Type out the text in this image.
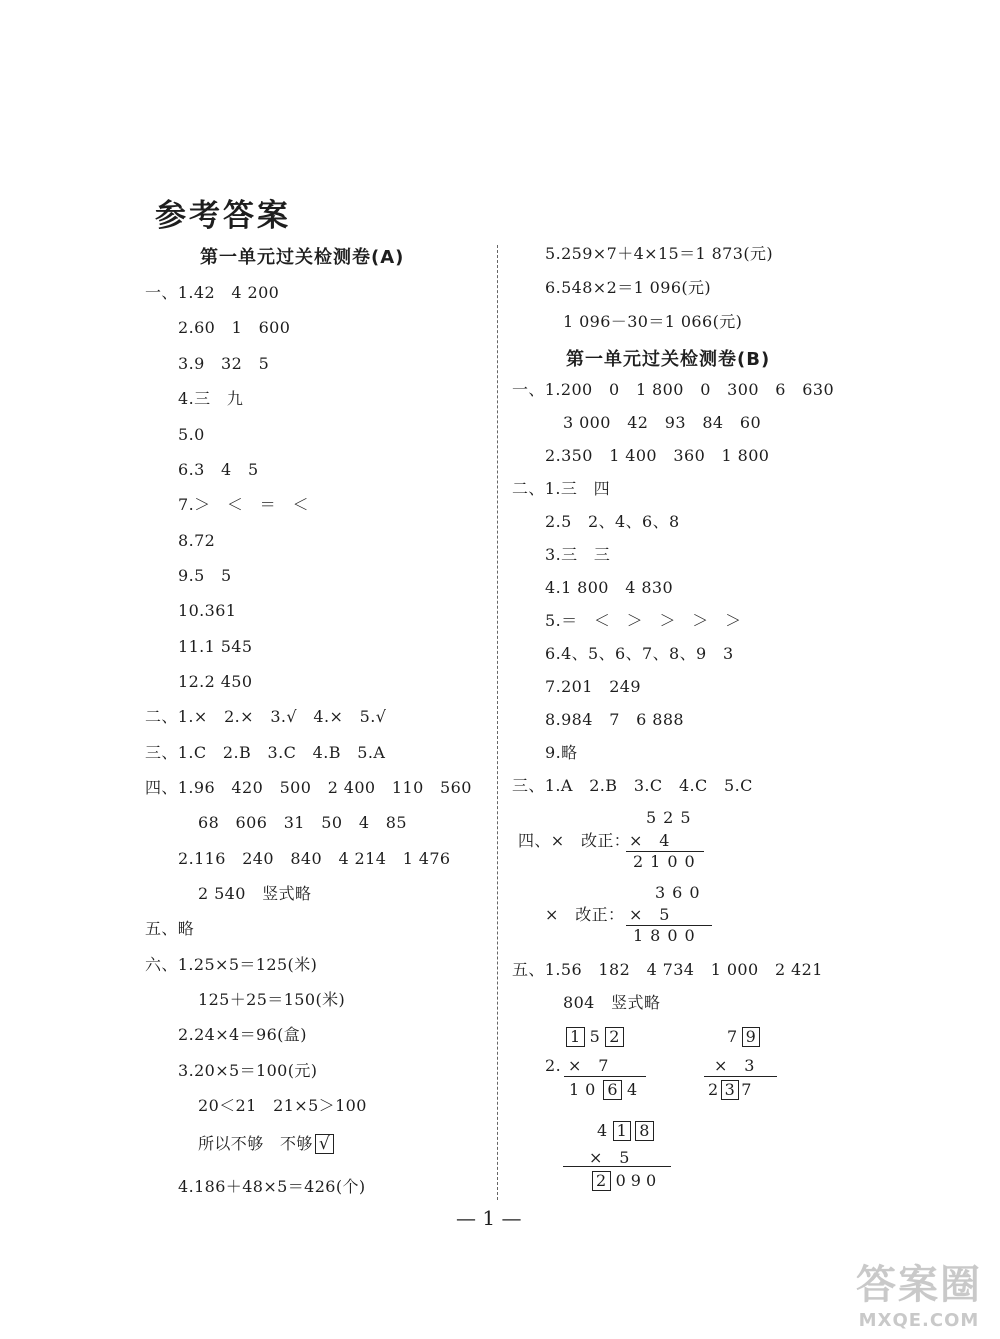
参考答案
第一单元过关检测卷(A)
一、1.42　4 200
2.60　1　600
3.9　32　5
4.三　九
5.0
6.3　4　5
7.＞　＜　＝　＜
8.72
9.5　5
10.361
11.1 545
12.2 450
二、1.×　2.×　3.√　4.×　5.√
三、1.C　2.B　3.C　4.B　5.A
四、1.96　420　500　2 400　110　560
68　606　31　50　4　85
2.116　240　840　4 214　1 476
2 540　竖式略
五、略
六、1.25×5＝125(米)
125＋25＝150(米)
2.24×4＝96(盒)
3.20×5＝100(元)
20＜21　21×5＞100
所以不够　不够 √
4.186＋48×5＝426(个)
5.259×7＋4×15＝1 873(元)
6.548×2＝1 096(元)
1 096－30＝1 066(元)
第一单元过关检测卷(B)
一、1.200　0　1 800　0　300　6　630
3 000　42　93　84　60
2.350　1 400　360　1 800
二、1.三　四
2.5　2、4、6、8
3.三　三
4.1 800　4 830
5.＝　＜　＞　＞　＞　＞
6.4、5、6、7、8、9　3
7.201　249
8.984　7　6 888
9.略
三、1.A　2.B　3.C　4.C　5.C
525
四、×　改正：
×　4
2100
360
×　改正： ×　5
1800
五、1.56　182　4 734　1 000　2 421
804　竖式略
1 5 2
2. ×　7
10 6 4
7 9
×　3
2 3 7
4 1 8
×　5
2 090
— 1 —
答案圈
MXQE.COM
